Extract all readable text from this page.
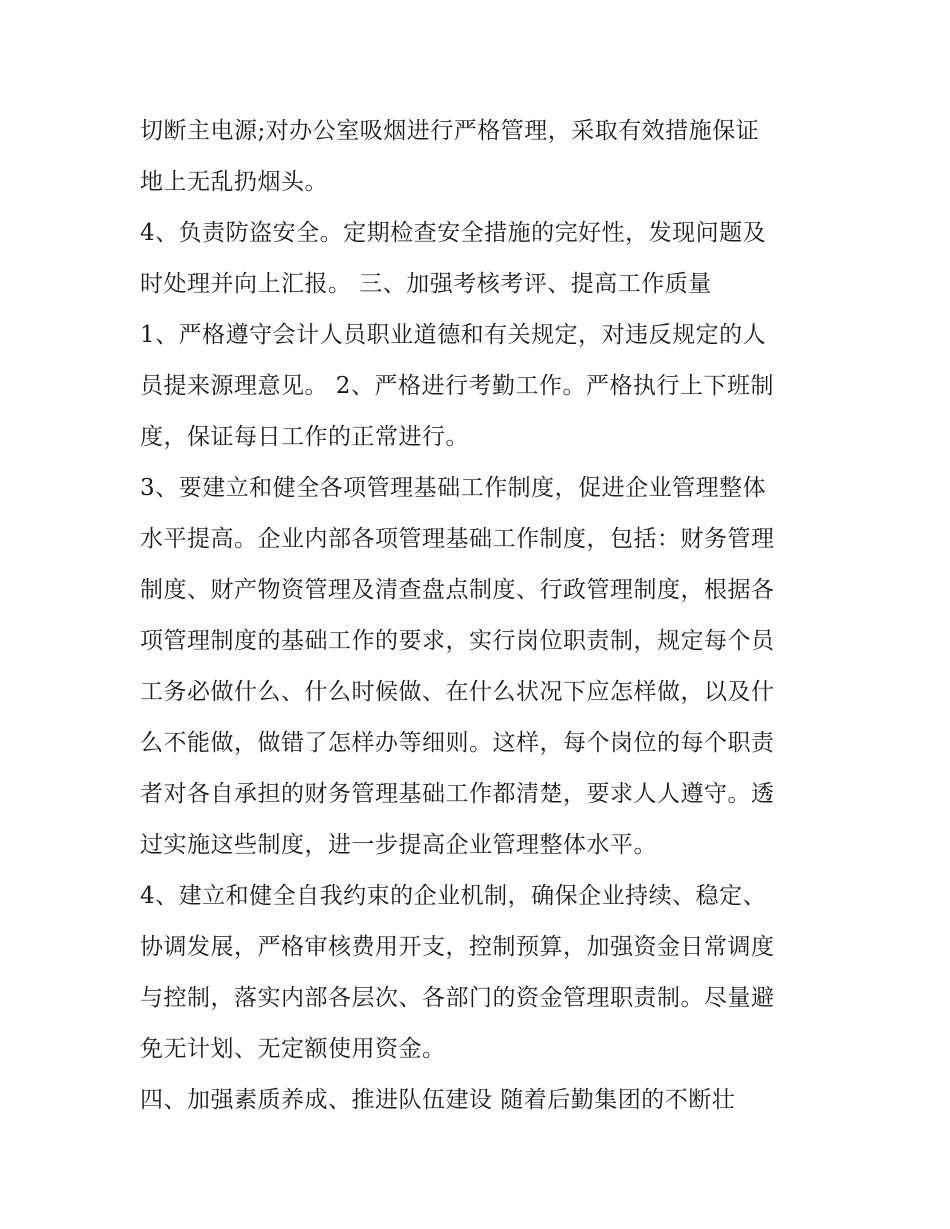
切断主电源;对办公室吸烟进行严格管理，采取有效措施保证
地上无乱扔烟头。
4、负责防盗安全。定期检查安全措施的完好性，发现问题及
时处理并向上汇报。 三、加强考核考评、提高工作质量
1、严格遵守会计人员职业道德和有关规定，对违反规定的人
员提来源理意见。 2、严格进行考勤工作。严格执行上下班制
度，保证每日工作的正常进行。
3、要建立和健全各项管理基础工作制度，促进企业管理整体
水平提高。企业内部各项管理基础工作制度，包括：财务管理
制度、财产物资管理及清查盘点制度、行政管理制度，根据各
项管理制度的基础工作的要求，实行岗位职责制，规定每个员
工务必做什么、什么时候做、在什么状况下应怎样做，以及什
么不能做，做错了怎样办等细则。这样，每个岗位的每个职责
者对各自承担的财务管理基础工作都清楚，要求人人遵守。透
过实施这些制度，进一步提高企业管理整体水平。
4、建立和健全自我约束的企业机制，确保企业持续、稳定、
协调发展，严格审核费用开支，控制预算，加强资金日常调度
与控制，落实内部各层次、各部门的资金管理职责制。尽量避
免无计划、无定额使用资金。
四、加强素质养成、推进队伍建设 随着后勤集团的不断壮
